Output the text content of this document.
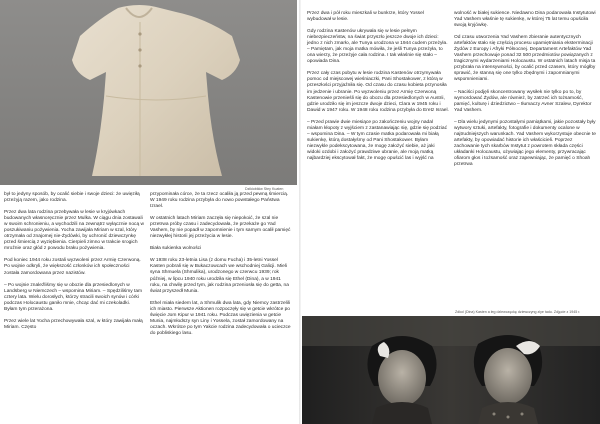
Dzikiobikiw Stey Kuaten

był to jedyny sposób, by ocalić siebie i swoje dzieci: że uwięziłą przeżyją razem, jako rodzina.

Przez dwa lata rodzina przebywała w lesie w kryjówkach budowanych własnoręcznie przez Mulka. W ciągu dnia zostawali w swoim schronieniu, a wychodzili na zewnątrz wyłącznie nocą w poszukiwaniu pożywienia. Yocha zawijała Miriam w szal, który otrzymała od znajomej nie-Żydówki, by uchronić dziewczynkę przed śmiercią z wyziębienia. Cierpieli zimno w trakcie srogich mroźnie oraz głód z powodu braku pożywienia.

Pod koniec 1944 roku zostali wyzwoleni przez Armię Czerwoną. Po wojnie odkryli, że większość członków ich społeczności została zamordowana przez nazistów.

– Po wojnie znaleźliśmy się w obozie dla przesiedlonych w Landsberg w Niemczech – wspomina Miriam. – Spędziliśmy tam cztery lata. Wielu dorosłych, którzy stracili swoich synów i córki podczas Holocaustu ganiło mnie, chcąc dać mi czekoladki. Byłam tym przerażona.

Przez wiele lat Yocha przechowywała szal, w który zawijała małą Miriam. Często

przypominała córce, że ta rzecz ocaliła ją przed pewną śmiercią. W 1949 roku rodzina przybyła do nowo powstałego Państwa Izrael.

W ostatnich latach Miriam zaczęła się niepokoić, że szal nie przetrwa próby czasu i zadecydowała, że przekaże go Yad Vashem, by nie popadł w zapomnienie i tym samym ocalił pamięć niezwykłej historii jej przeżycia w lesie.

Biała sukienka wolności

W 1938 roku 23-letnia Lisa (z domu Fucha) i 35-letni Yossel Kasten pobrali się w Bukaczowcach we wschodniej Galicji. Mieli syna Shmuela (Shmulika), urodzonego w czerwcu 1939; rok później, w lipcu 1940 roku urodziła się Ethel (Dina), a w 1941 roku, na chwilę przed tym, jak rodzina przeniosła się do getta, na świat przyszedł Munia.

Ethel miała siedem lat, a Shmulik dwa lata, gdy Niemcy zastrzelili ich miasto. Pierwsze Aktionen rozpoczęły się w getcie wkrótce po święcie Jom Kipur w 1941 roku. Podczas uwięzienia w getcie Munia, najmłodszy syn Liny i Yossela, został zamordowany na oczach. Wkrótce po tym Yakcie rodzina zadecydowała o ucieczce do pobliskiego lasu.

Przez dwa i pół roku mieszkali w bunkrze, który Yossel wybudował w lesie.

Gdy rodzina Kastenów ukrywała się w lesie pełnym niebezpieczeństw, na świat przyszło jeszcze dwoje ich dzieci: jedno z nich zmarło, ale Tunya urodzona w 1944 cudem przeżyła. – Pamiętam, jak moja matka mówiła, że jeśli Tunya przeżyła, to ona wierzy, że przeżyje cała rodzina. I tak właśnie się stało – opowiada Dina.

Przez cały czas pobytu w lesie rodzina Kastenów otrzymywała pomoc od miejscowej wieśniaczki, Pani Shostakower, z którą w przeszłości przyjaźniła się. Od czasu do czasu kobieta przynosiła im jedzenie i ubranie. Po wyzwoleniu przez Armię Czerwoną Kastenowie przenieśli się do obozu dla przesiedlonych w Austrii, gdzie urodziło się im jeszcze dwoje dzieci, Clara w 1945 roku i Dawid w 1947 roku. W 1948 roku rodzina przybyła do Eretz Israel.

– Przed prawie dwie miesiące po zakończeniu wojny nadal miałam kłopoty z wyjściem z zastanawiając się, gdzie się podziać – wspomina Dina. – W tym czasie matka podarowała mi białą sukienkę, którą dostałyśmy od Pani Shostakower. Byłam niezwykle podekscytowana, że mogę założyć siebie, aż jaki widoki ozdobi i założyć prawdziwe ubranie, ale moją matką najbardziej ekscytował fakt, że mogę opuścić las i wyjść na

wolność w białej sukience. Niedawno Dina podarowała Instytutowi Yad Vashem właśnie tę sukienkę, w której 75 lat temu opuściła swoją kryjówkę.

Od czasu utworzenia Yad Vashem zbieranie autentycznych artefaktów stało się częścią procesu upamiętniania eksterminacji Żydów z Europy i Afryki Północnej. Departament Artefaktów Yad Vashem przechowuje ponad 32 500 przedmiotów powiązanych z tragicznymi wydarzeniami Holocaustu. W ostatnich latach misja ta przybrała na intensywności, by ocalić przed czasem, który mógłby sprawić, że stanną się one tylko zbędnymi i zapomnianymi wspomnieniami.

– Naciści podjęli skoncentrowany wysiłek nie tylko po to, by wymordować Żydów, ale również, by zatrzeć ich tożsamość, pamięć, kulturę i dziedzictwo – tłumaczy Avner Szalew, Dyrektor Yad Vashem.

– Dla wielu jedynymi pozostałymi pamiątkami, jakie pozostały były wytwory sztuki, artefakty, fotografie i dokumenty ocalone w najtrudniejszych warunkach. Yad Vashem wykorzystuje obecnie te artefakty, by opowiadać historie ich właścicieli. Poprzez zachowanie tych skarbów Instytut z powrotem składa części układanki Holocaustu, ożywiając jego elementy, przywracając ofiarom głos i tożsamość oraz zapewniając, że pamięć o Shoah przetrwa

Zdkol (Dina) Kasten a łeg dzlewczęckę dziewczyng zlye tadu. Zdjęcie z 1945 r.
